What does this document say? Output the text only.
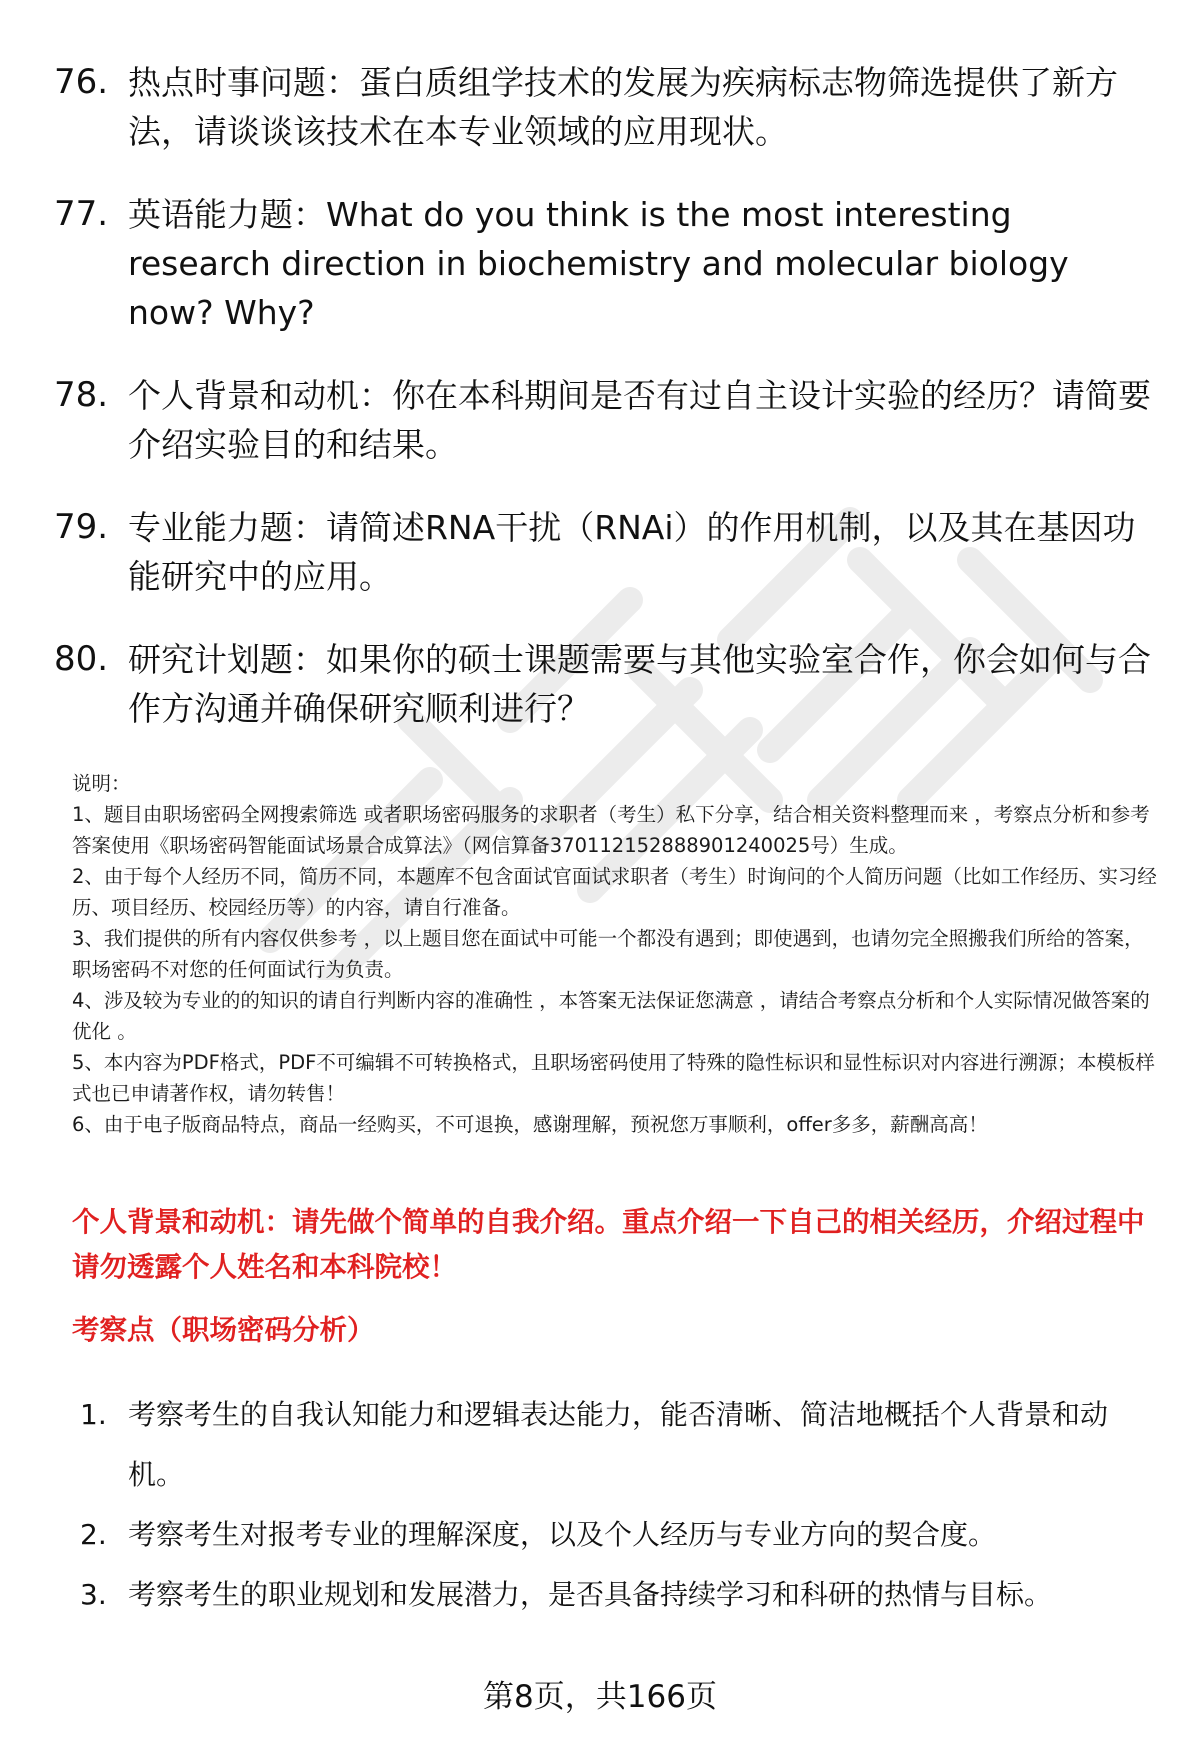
76. 热点时事问题：蛋白质组学技术的发展为疾病标志物筛选提供了新方法，请谈谈该技术在本专业领域的应用现状。
77. 英语能力题：What do you think is the most interesting research direction in biochemistry and molecular biology now? Why?
78. 个人背景和动机：你在本科期间是否有过自主设计实验的经历？请简要介绍实验目的和结果。
79. 专业能力题：请简述RNA干扰（RNAi）的作用机制，以及其在基因功能研究中的应用。
80. 研究计划题：如果你的硕士课题需要与其他实验室合作，你会如何与合作方沟通并确保研究顺利进行？

说明：

1、题目由职场密码全网搜索筛选 或者职场密码服务的求职者（考生）私下分享，结合相关资料整理而来 ，考察点分析和参考答案使用《职场密码智能面试场景合成算法》（网信算备370112152888901240025号）生成。

2、由于每个人经历不同，简历不同，本题库不包含面试官面试求职者（考生）时询问的个人简历问题（比如工作经历、实习经历、项目经历、校园经历等）的内容，请自行准备。

3、我们提供的所有内容仅供参考 ，以上题目您在面试中可能一个都没有遇到；即使遇到，也请勿完全照搬我们所给的答案，职场密码不对您的任何面试行为负责。

4、涉及较为专业的的知识的请自行判断内容的准确性 ，本答案无法保证您满意 ，请结合考察点分析和个人实际情况做答案的优化 。

5、本内容为PDF格式，PDF不可编辑不可转换格式，且职场密码使用了特殊的隐性标识和显性标识对内容进行溯源；本模板样式也已申请著作权，请勿转售！

6、由于电子版商品特点，商品一经购买，不可退换，感谢理解，预祝您万事顺利，offer多多，薪酬高高！

个人背景和动机：请先做个简单的自我介绍。重点介绍一下自己的相关经历，介绍过程中请勿透露个人姓名和本科院校！
考察点（职场密码分析）
1. 考察考生的自我认知能力和逻辑表达能力，能否清晰、简洁地概括个人背景和动机。
2. 考察考生对报考专业的理解深度，以及个人经历与专业方向的契合度。
3. 考察考生的职业规划和发展潜力，是否具备持续学习和科研的热情与目标。
第8页，共166页
